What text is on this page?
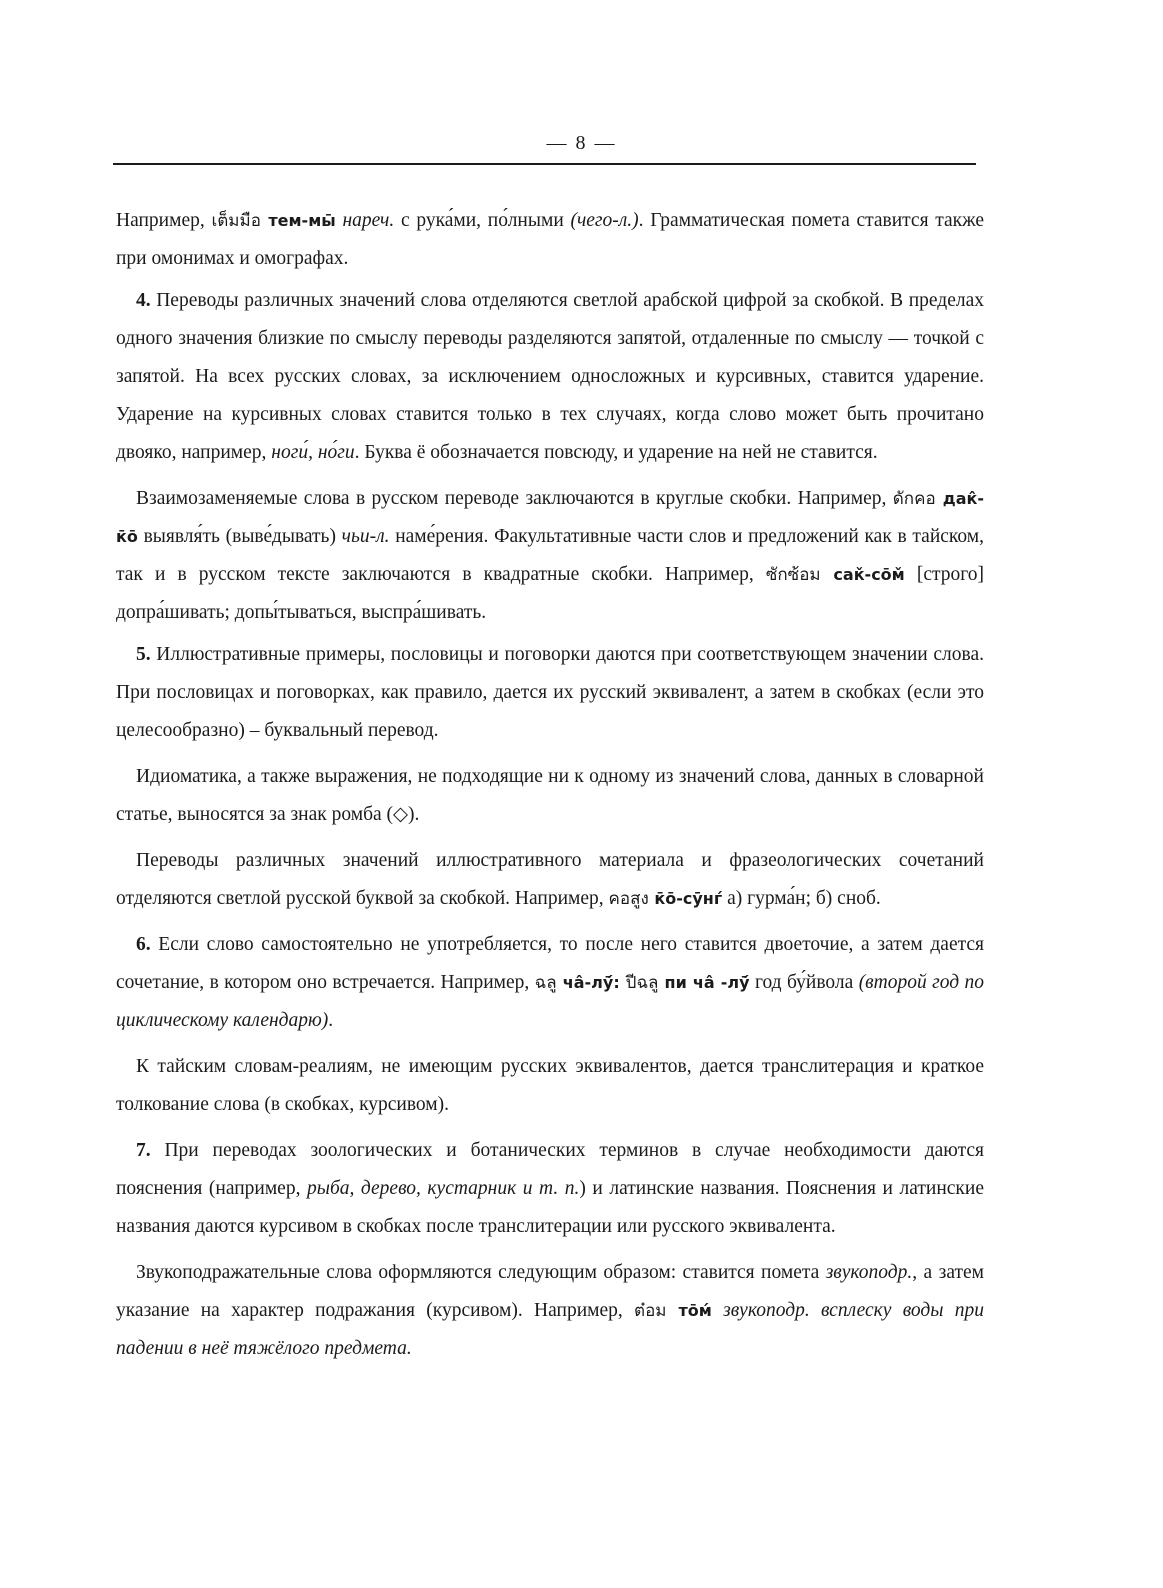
— 8 —

Например, เต็มมือ тем-мы̄ нареч. с рука́ми, по́лными (чего-л.). Грамматическая помета ставится также при омонимах и омографах.

4. Переводы различных значений слова отделяются светлой арабской цифрой за скобкой. В пределах одного значения близкие по смыслу переводы разделяются запятой, отдаленные по смыслу — точкой с запятой. На всех русских словах, за исключением односложных и курсивных, ставится ударение. Ударение на курсивных словах ставится только в тех случаях, когда слово может быть прочитано двояко, например, ноги́, но́ги. Буква ё обозначается повсюду, и ударение на ней не ставится.

Взаимозаменяемые слова в русском переводе заключаются в круглые скобки. Например, ดักคอ дак̂-к̄о̄ выявля́ть (выве́дывать) чьи-л. наме́рения. Факультативные части слов и предложений как в тайском, так и в русском тексте заключаются в квадратные скобки. Например, ซักซ้อม сак̌-со̄м̌ [строго] допра́шивать; допы́тываться, выспра́шивать.

5. Иллюстративные примеры, пословицы и поговорки даются при соответствующем значении слова. При пословицах и поговорках, как правило, дается их русский эквивалент, а затем в скобках (если это целесообразно) – буквальный перевод.

Идиоматика, а также выражения, не подходящие ни к одному из значений слова, данных в словарной статье, выносятся за знак ромба (◇).

Переводы различных значений иллюстративного материала и фразеологических сочетаний отделяются светлой русской буквой за скобкой. Например, คอสูง к̄о̄-сӯнѓ а) гурма́н; б) сноб.

6. Если слово самостоятельно не употребляется, то после него ставится двоеточие, а затем дается сочетание, в котором оно встречается. Например, ฉลู ча̂-лӯ́: ปีฉลู пи ча̂ -лӯ́ год бу́йвола (второй год по циклическому календарю).

К тайским словам-реалиям, не имеющим русских эквивалентов, дается транслитерация и краткое толкование слова (в скобках, курсивом).

7. При переводах зоологических и ботанических терминов в случае необходимости даются пояснения (например, рыба, дерево, кустарник и т. п.) и латинские названия. Пояснения и латинские названия даются курсивом в скобках после транслитерации или русского эквивалента.

Звукоподражательные слова оформляются следующим образом: ставится помета звукоподр., а затем указание на характер подражания (курсивом). Например, ต๋อม то̄м́ звукоподр. всплеску воды при падении в неё тяжёлого предмета.
